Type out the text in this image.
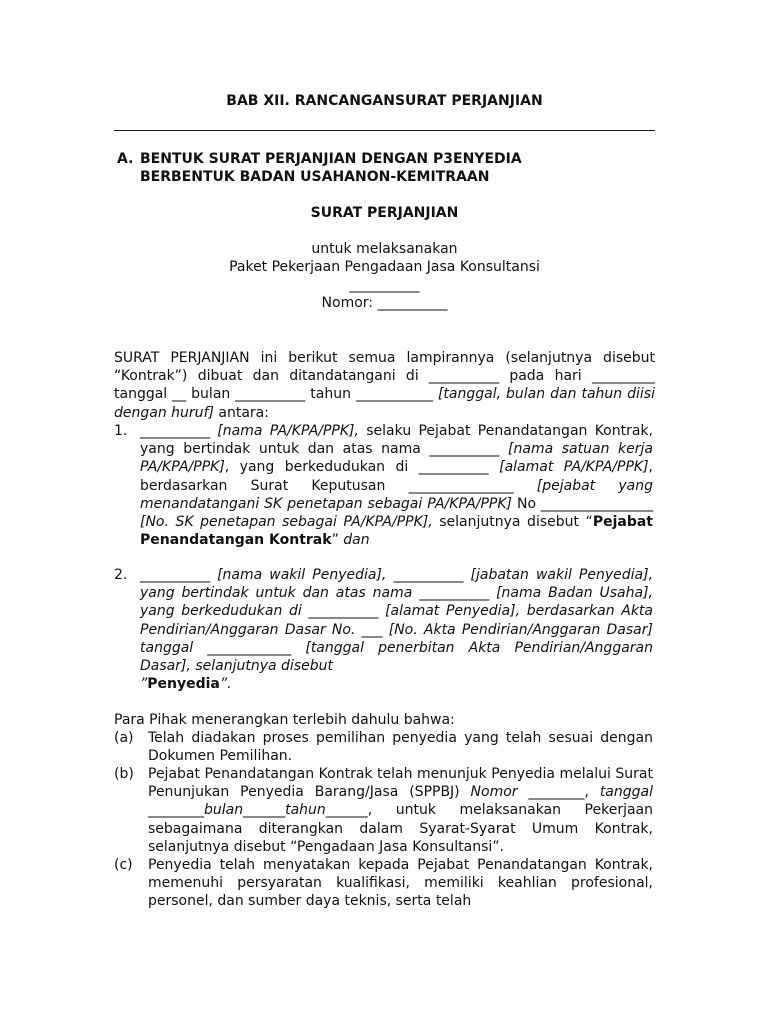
BAB XII. RANCANGANSURAT PERJANJIAN
A. BENTUK SURAT PERJANJIAN DENGAN P3ENYEDIA
BERBENTUK BADAN USAHANON-KEMITRAAN
SURAT PERJANJIAN
untuk melaksanakan
Paket Pekerjaan Pengadaan Jasa Konsultansi
__________
Nomor: __________
SURAT PERJANJIAN ini berikut semua lampirannya (selanjutnya disebut “Kontrak”) dibuat dan ditandatangani di __________ pada hari _________ tanggal __ bulan __________ tahun ___________ [tanggal, bulan dan tahun diisi dengan huruf] antara:
1. __________ [nama PA/KPA/PPK], selaku Pejabat Penandatangan Kontrak, yang bertindak untuk dan atas nama __________ [nama satuan kerja PA/KPA/PPK], yang berkedudukan di __________ [alamat PA/KPA/PPK], berdasarkan Surat Keputusan _______________ [pejabat yang menandatangani SK penetapan sebagai PA/KPA/PPK] No ________________ [No. SK penetapan sebagai PA/KPA/PPK], selanjutnya disebut “Pejabat Penandatangan Kontrak” dan
2. __________ [nama wakil Penyedia], __________ [jabatan wakil Penyedia], yang bertindak untuk dan atas nama __________ [nama Badan Usaha], yang berkedudukan di __________ [alamat Penyedia], berdasarkan Akta Pendirian/Anggaran Dasar No. ___ [No. Akta Pendirian/Anggaran Dasar] tanggal ____________ [tanggal penerbitan Akta Pendirian/Anggaran Dasar], selanjutnya disebut
”Penyedia”.
Para Pihak menerangkan terlebih dahulu bahwa:
(a) Telah diadakan proses pemilihan penyedia yang telah sesuai dengan Dokumen Pemilihan.
(b) Pejabat Penandatangan Kontrak telah menunjuk Penyedia melalui Surat Penunjukan Penyedia Barang/Jasa (SPPBJ) Nomor ________, tanggal ________bulan______tahun______, untuk melaksanakan Pekerjaan sebagaimana diterangkan dalam Syarat-Syarat Umum Kontrak, selanjutnya disebut “Pengadaan Jasa Konsultansi”.
(c) Penyedia telah menyatakan kepada Pejabat Penandatangan Kontrak, memenuhi persyaratan kualifikasi, memiliki keahlian profesional, personel, dan sumber daya teknis, serta telah
